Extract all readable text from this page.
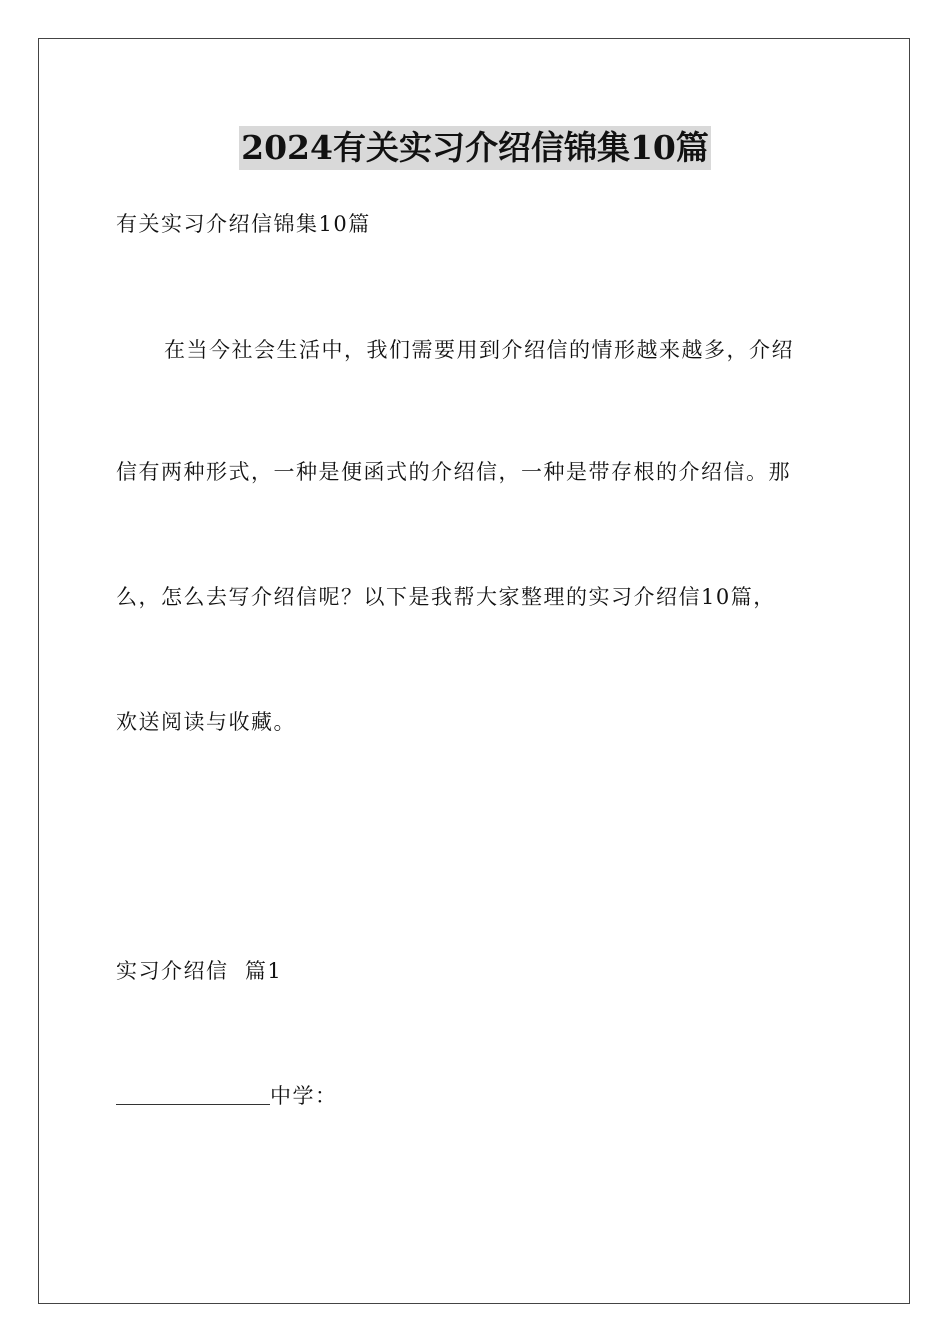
2024有关实习介绍信锦集10篇
有关实习介绍信锦集10篇
在当今社会生活中，我们需要用到介绍信的情形越来越多，介绍
信有两种形式，一种是便函式的介绍信，一种是带存根的介绍信。那
么，怎么去写介绍信呢？以下是我帮大家整理的实习介绍信10篇，
欢送阅读与收藏。
实习介绍信  篇1
中学：
